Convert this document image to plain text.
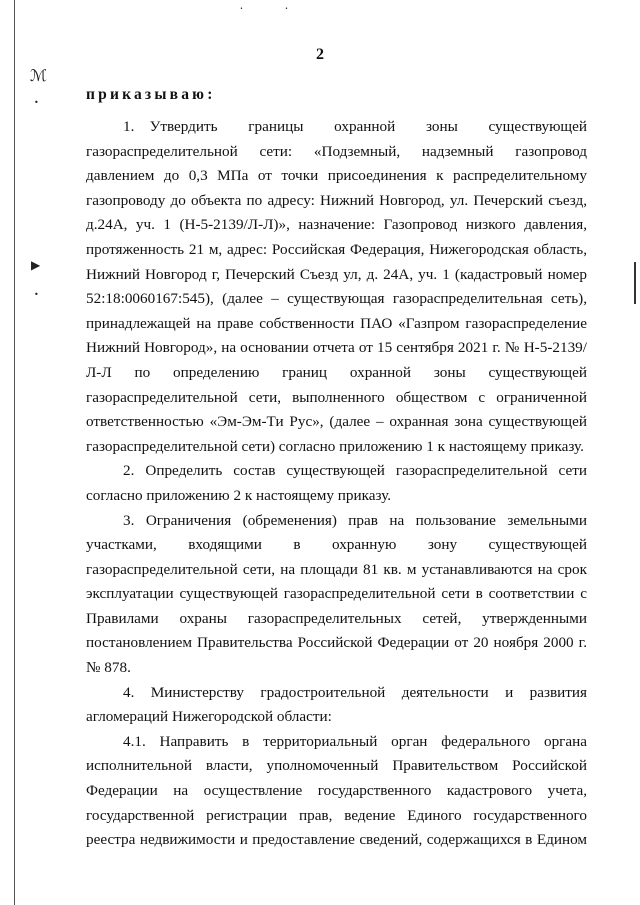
ℳ
•
▶
•
•	•
2
приказываю:

1. Утвердить границы охранной зоны существующей газораспределительной сети: «Подземный, надземный газопровод давлением до 0,3 МПа от точки присоединения к распределительному газопроводу до объекта по адресу: Нижний Новгород, ул. Печерский съезд, д.24А, уч. 1 (Н-5-2139/Л-Л)», назначение: Газопровод низкого давления, протяженность 21 м, адрес: Российская Федерация, Нижегородская область, Нижний Новгород г, Печерский Съезд ул, д. 24А, уч. 1 (кадастровый номер 52:18:0060167:545), (далее – существующая газораспределительная сеть), принадлежащей на праве собственности ПАО «Газпром газораспределение Нижний Новгород», на основании отчета от 15 сентября 2021 г. № Н-5-2139/Л-Л по определению границ охранной зоны существующей газораспределительной сети, выполненного обществом с ограниченной ответственностью «Эм-Эм-Ти Рус», (далее – охранная зона существующей газораспределительной сети) согласно приложению 1 к настоящему приказу.

2. Определить состав существующей газораспределительной сети согласно приложению 2 к настоящему приказу.

3. Ограничения (обременения) прав на пользование земельными участками, входящими в охранную зону существующей газораспределительной сети, на площади 81 кв. м устанавливаются на срок эксплуатации существующей газораспределительной сети в соответствии с Правилами охраны газораспределительных сетей, утвержденными постановлением Правительства Российской Федерации от 20 ноября 2000 г. № 878.

4. Министерству градостроительной деятельности и развития агломераций Нижегородской области:

4.1. Направить в территориальный орган федерального органа исполнительной власти, уполномоченный Правительством Российской Федерации на осуществление государственного кадастрового учета, государственной регистрации прав, ведение Единого государственного реестра недвижимости и предоставление сведений, содержащихся в Едином
